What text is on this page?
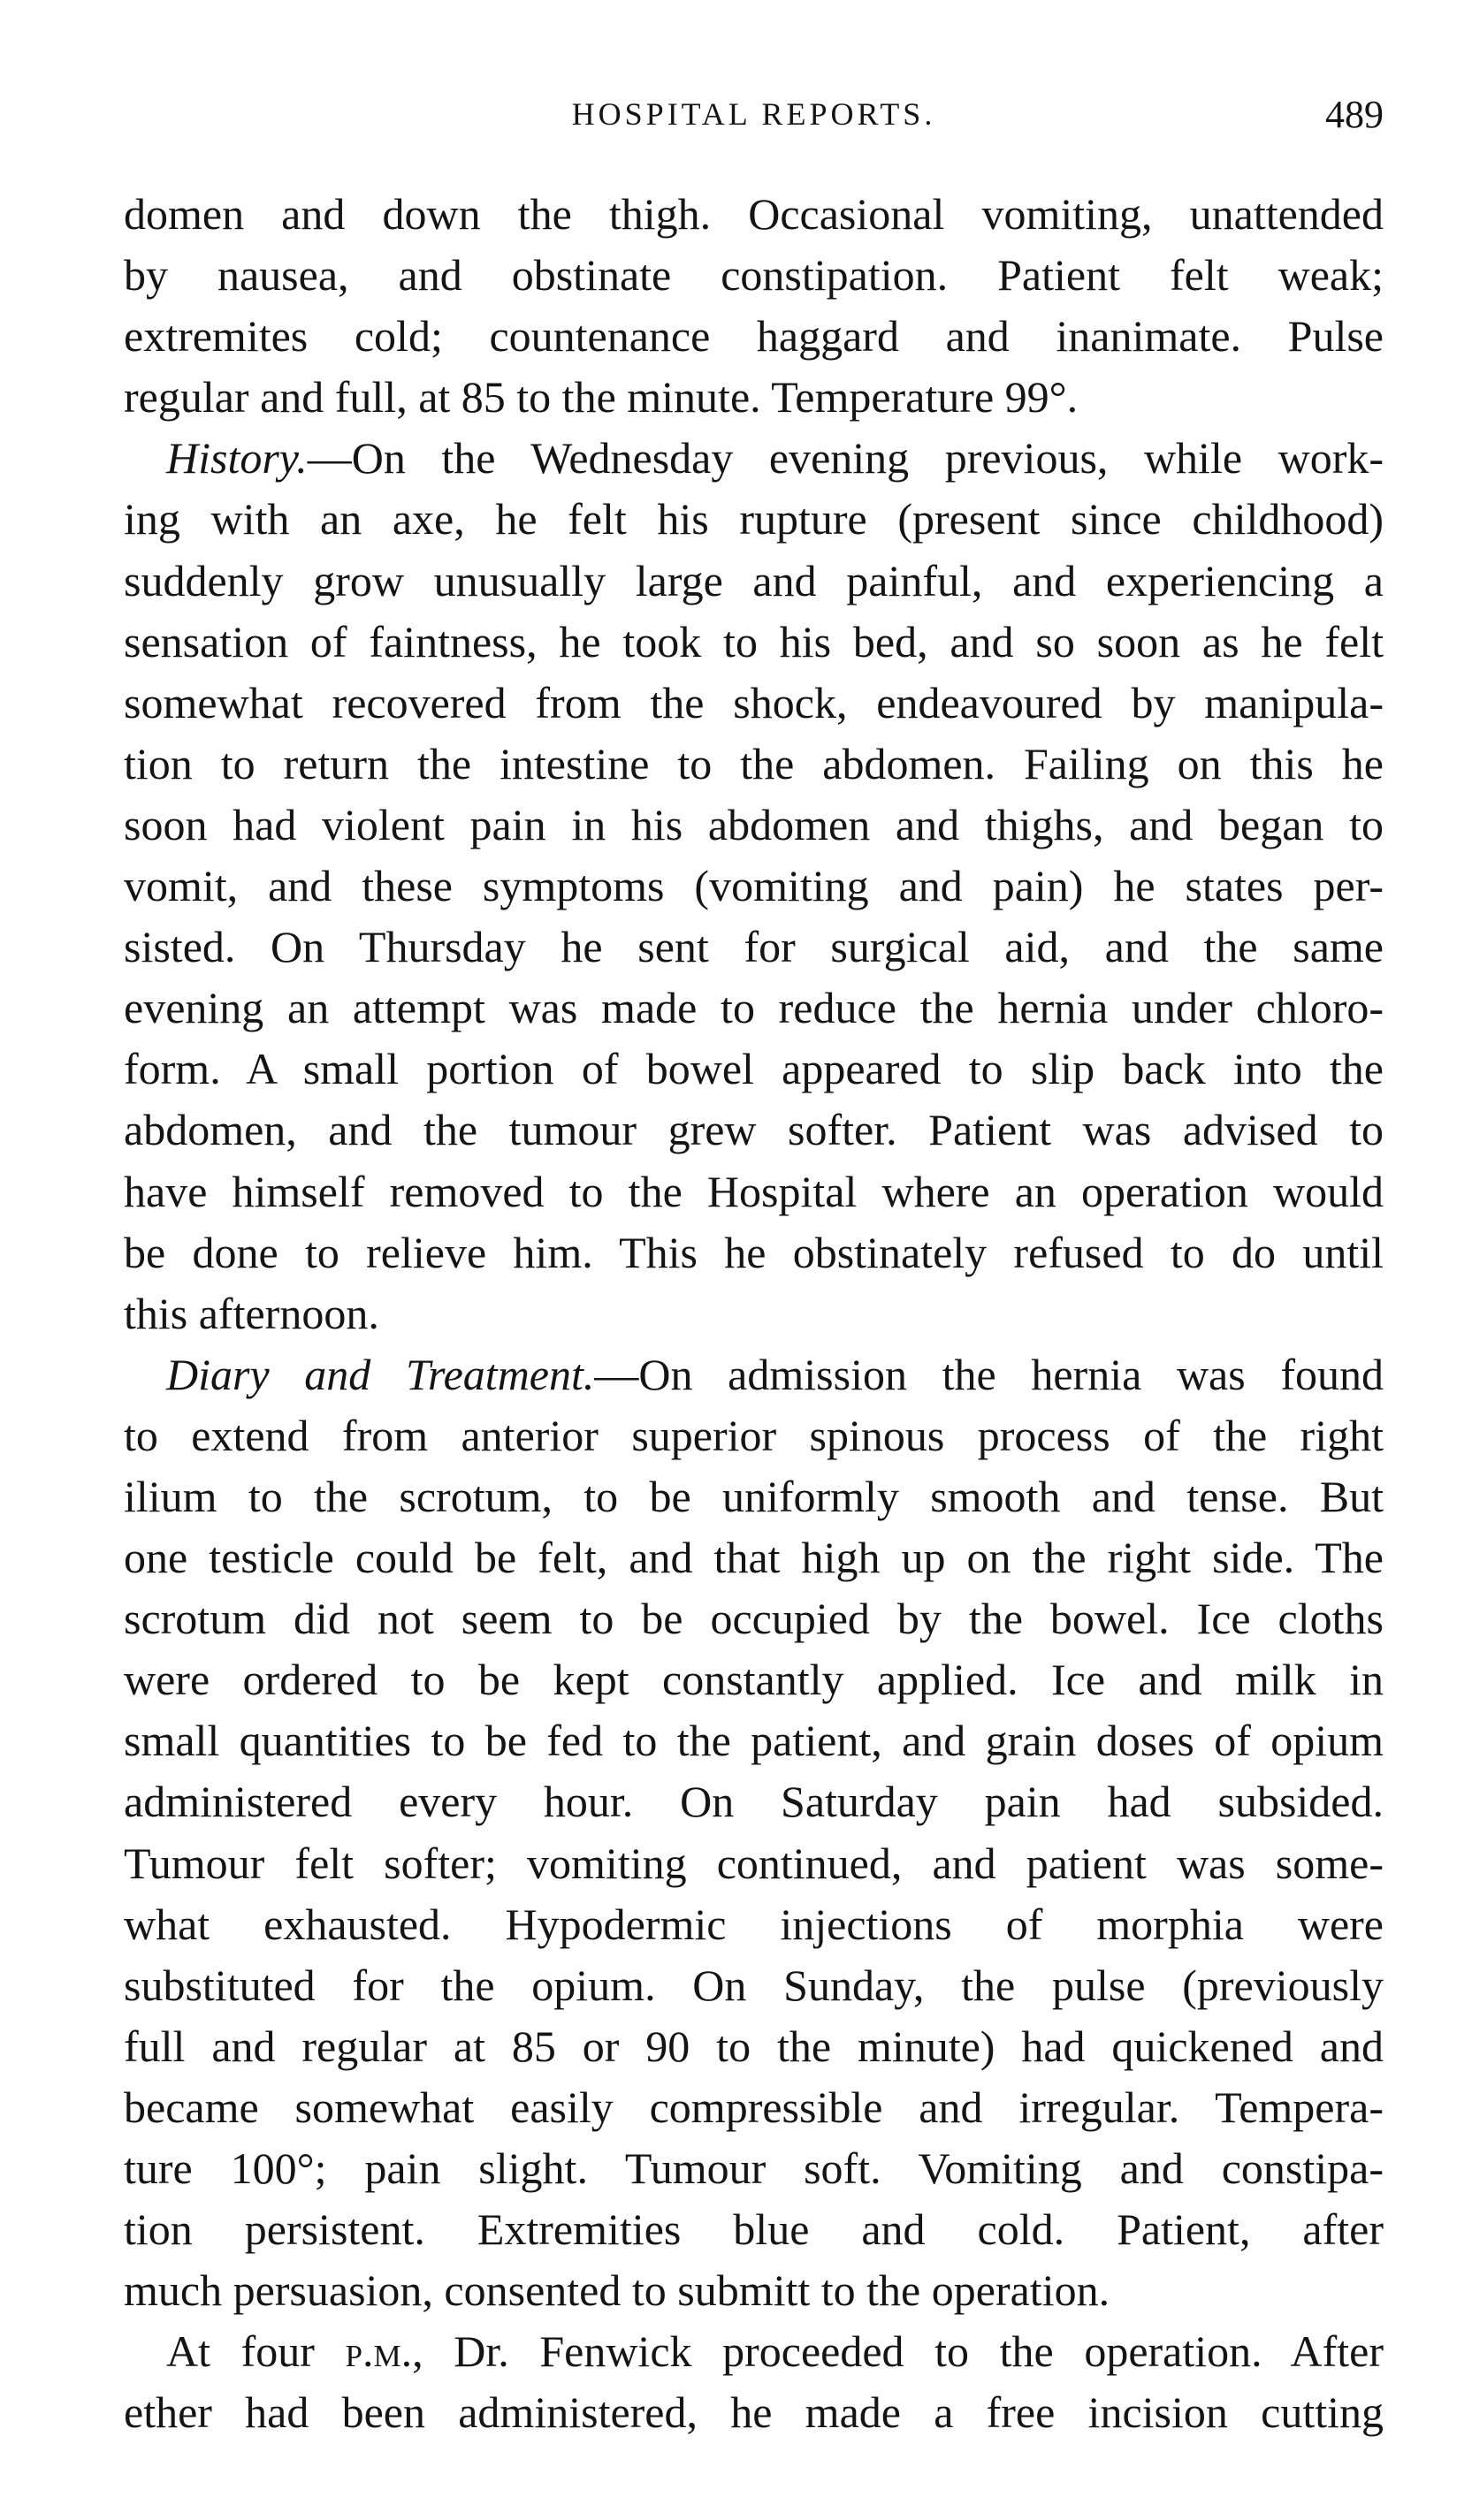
HOSPITAL REPORTS.	489
domen and down the thigh. Occasional vomiting, unattended
by nausea, and obstinate constipation. Patient felt weak;
extremites cold; countenance haggard and inanimate. Pulse
regular and full, at 85 to the minute. Temperature 99°.
History.—On the Wednesday evening previous, while work-
ing with an axe, he felt his rupture (present since childhood)
suddenly grow unusually large and painful, and experiencing a
sensation of faintness, he took to his bed, and so soon as he felt
somewhat recovered from the shock, endeavoured by manipula-
tion to return the intestine to the abdomen. Failing on this he
soon had violent pain in his abdomen and thighs, and began to
vomit, and these symptoms (vomiting and pain) he states per-
sisted. On Thursday he sent for surgical aid, and the same
evening an attempt was made to reduce the hernia under chloro-
form. A small portion of bowel appeared to slip back into the
abdomen, and the tumour grew softer. Patient was advised to
have himself removed to the Hospital where an operation would
be done to relieve him. This he obstinately refused to do until
this afternoon.
Diary and Treatment.—On admission the hernia was found
to extend from anterior superior spinous process of the right
ilium to the scrotum, to be uniformly smooth and tense. But
one testicle could be felt, and that high up on the right side. The
scrotum did not seem to be occupied by the bowel. Ice cloths
were ordered to be kept constantly applied. Ice and milk in
small quantities to be fed to the patient, and grain doses of opium
administered every hour. On Saturday pain had subsided.
Tumour felt softer; vomiting continued, and patient was some-
what exhausted. Hypodermic injections of morphia were
substituted for the opium. On Sunday, the pulse (previously
full and regular at 85 or 90 to the minute) had quickened and
became somewhat easily compressible and irregular. Tempera-
ture 100°; pain slight. Tumour soft. Vomiting and constipa-
tion persistent. Extremities blue and cold. Patient, after
much persuasion, consented to submitt to the operation.
At four p.m., Dr. Fenwick proceeded to the operation. After
ether had been administered, he made a free incision cutting
